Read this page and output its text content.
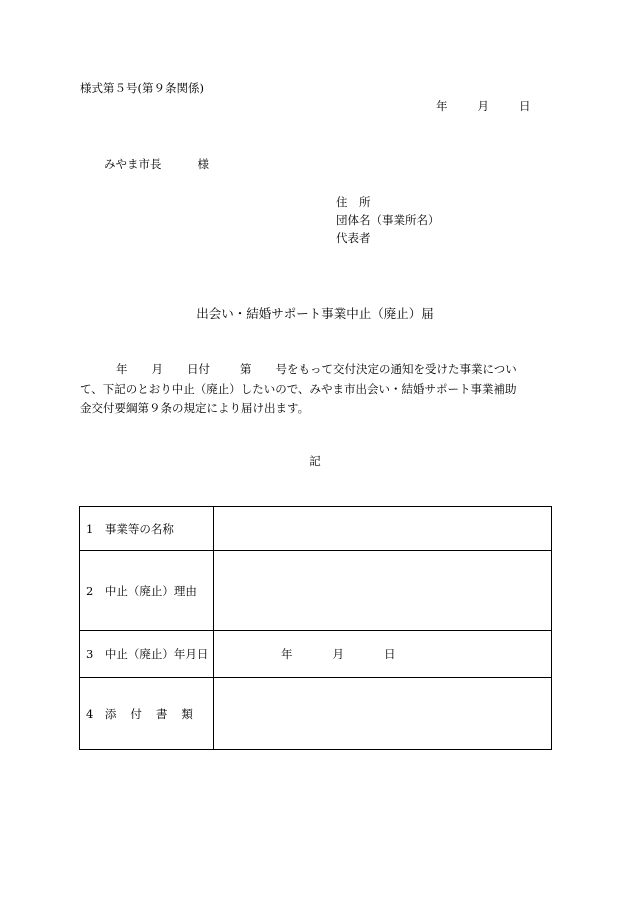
様式第５号(第９条関係)
年	月	日
みやま市長	様
住　所
団体名（事業所名）
代表者
出会い・結婚サポート事業中止（廃止）届

年 月 日付	第 号をもって交付決定の通知を受けた事業につい

て、下記のとおり中止（廃止）したいので、みやま市出会い・結婚サポート事業補助

金交付要綱第９条の規定により届け出ます。

記
1　 事業等の名称	
2　 中止（廃止）理由	
3　 中止（廃止）年月日	年 月 日
4　 添付書類	
